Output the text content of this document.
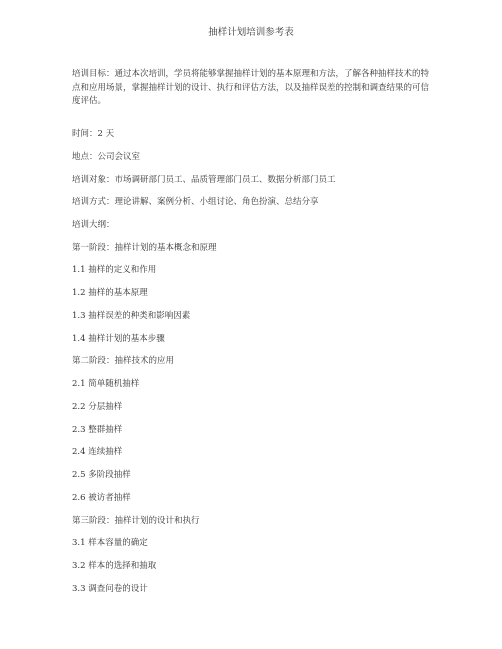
抽样计划培训参考表

培训目标：通过本次培训，学员将能够掌握抽样计划的基本原理和方法，了解各种抽样技术的特点和应用场景，掌握抽样计划的设计、执行和评估方法，以及抽样误差的控制和调查结果的可信度评估。

时间：2 天

地点：公司会议室

培训对象：市场调研部门员工、品质管理部门员工、数据分析部门员工

培训方式：理论讲解、案例分析、小组讨论、角色扮演、总结分享

培训大纲：

第一阶段：抽样计划的基本概念和原理

1.1 抽样的定义和作用

1.2 抽样的基本原理

1.3 抽样误差的种类和影响因素

1.4 抽样计划的基本步骤

第二阶段：抽样技术的应用

2.1 简单随机抽样

2.2 分层抽样

2.3 整群抽样

2.4 连续抽样

2.5 多阶段抽样

2.6 被访者抽样

第三阶段：抽样计划的设计和执行

3.1 样本容量的确定

3.2 样本的选择和抽取

3.3 调查问卷的设计
